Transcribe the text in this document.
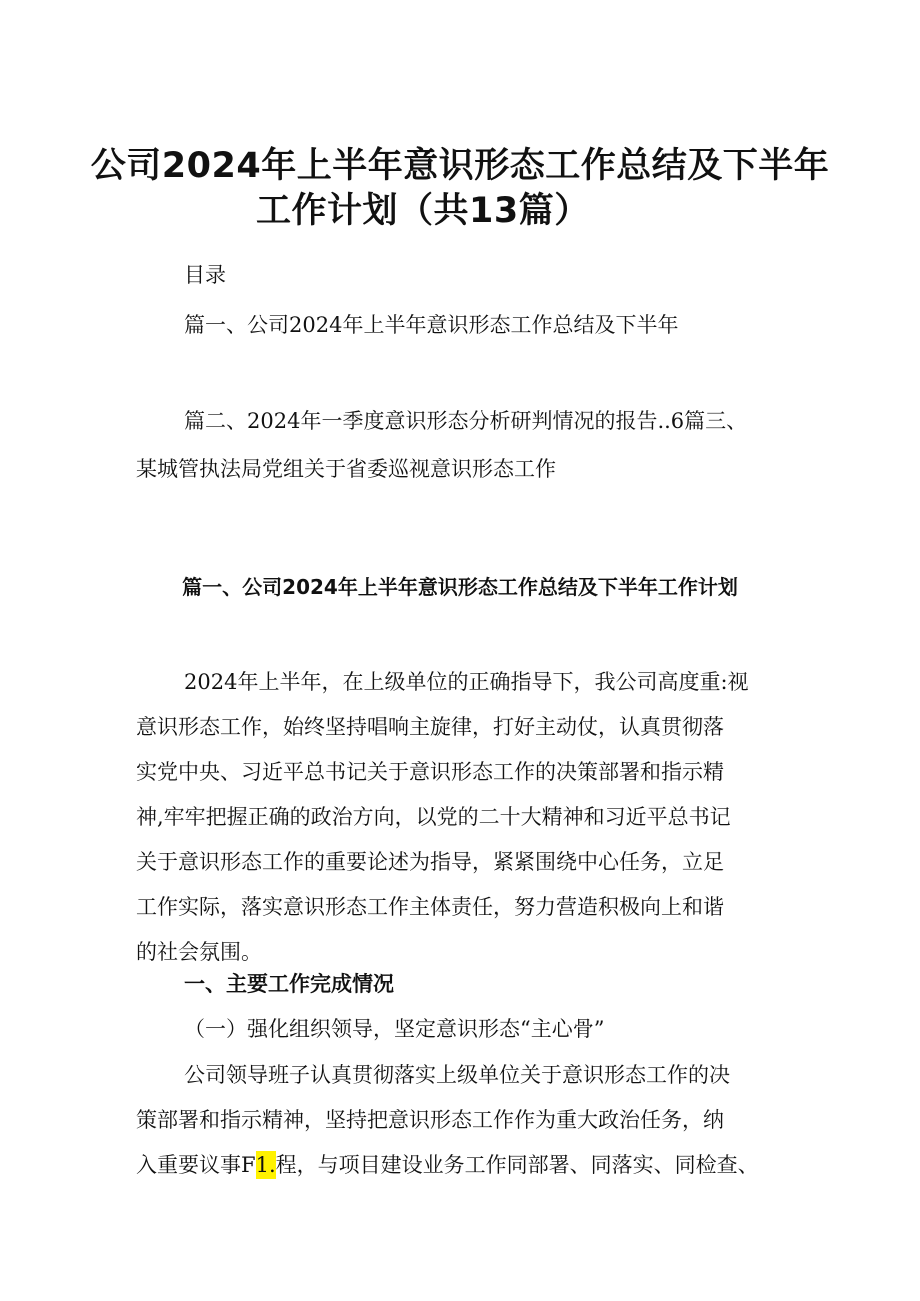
公司2024年上半年意识形态工作总结及下半年
工作计划（共13篇）
目录
篇一、公司2024年上半年意识形态工作总结及下半年
篇二、2024年一季度意识形态分析研判情况的报告..6篇三、
某城管执法局党组关于省委巡视意识形态工作
篇一、公司2024年上半年意识形态工作总结及下半年工作计划
2024年上半年，在上级单位的正确指导下，我公司高度重:视
意识形态工作，始终坚持唱响主旋律，打好主动仗，认真贯彻落
实党中央、习近平总书记关于意识形态工作的决策部署和指示精
神,牢牢把握正确的政治方向，以党的二十大精神和习近平总书记
关于意识形态工作的重要论述为指导，紧紧围绕中心任务，立足
工作实际，落实意识形态工作主体责任，努力营造积极向上和谐
的社会氛围。
一、主要工作完成情况
（一）强化组织领导，坚定意识形态“主心骨”
公司领导班子认真贯彻落实上级单位关于意识形态工作的决
策部署和指示精神，坚持把意识形态工作作为重大政治任务，纳
入重要议事F1.程，与项目建设业务工作同部署、同落实、同检查、
